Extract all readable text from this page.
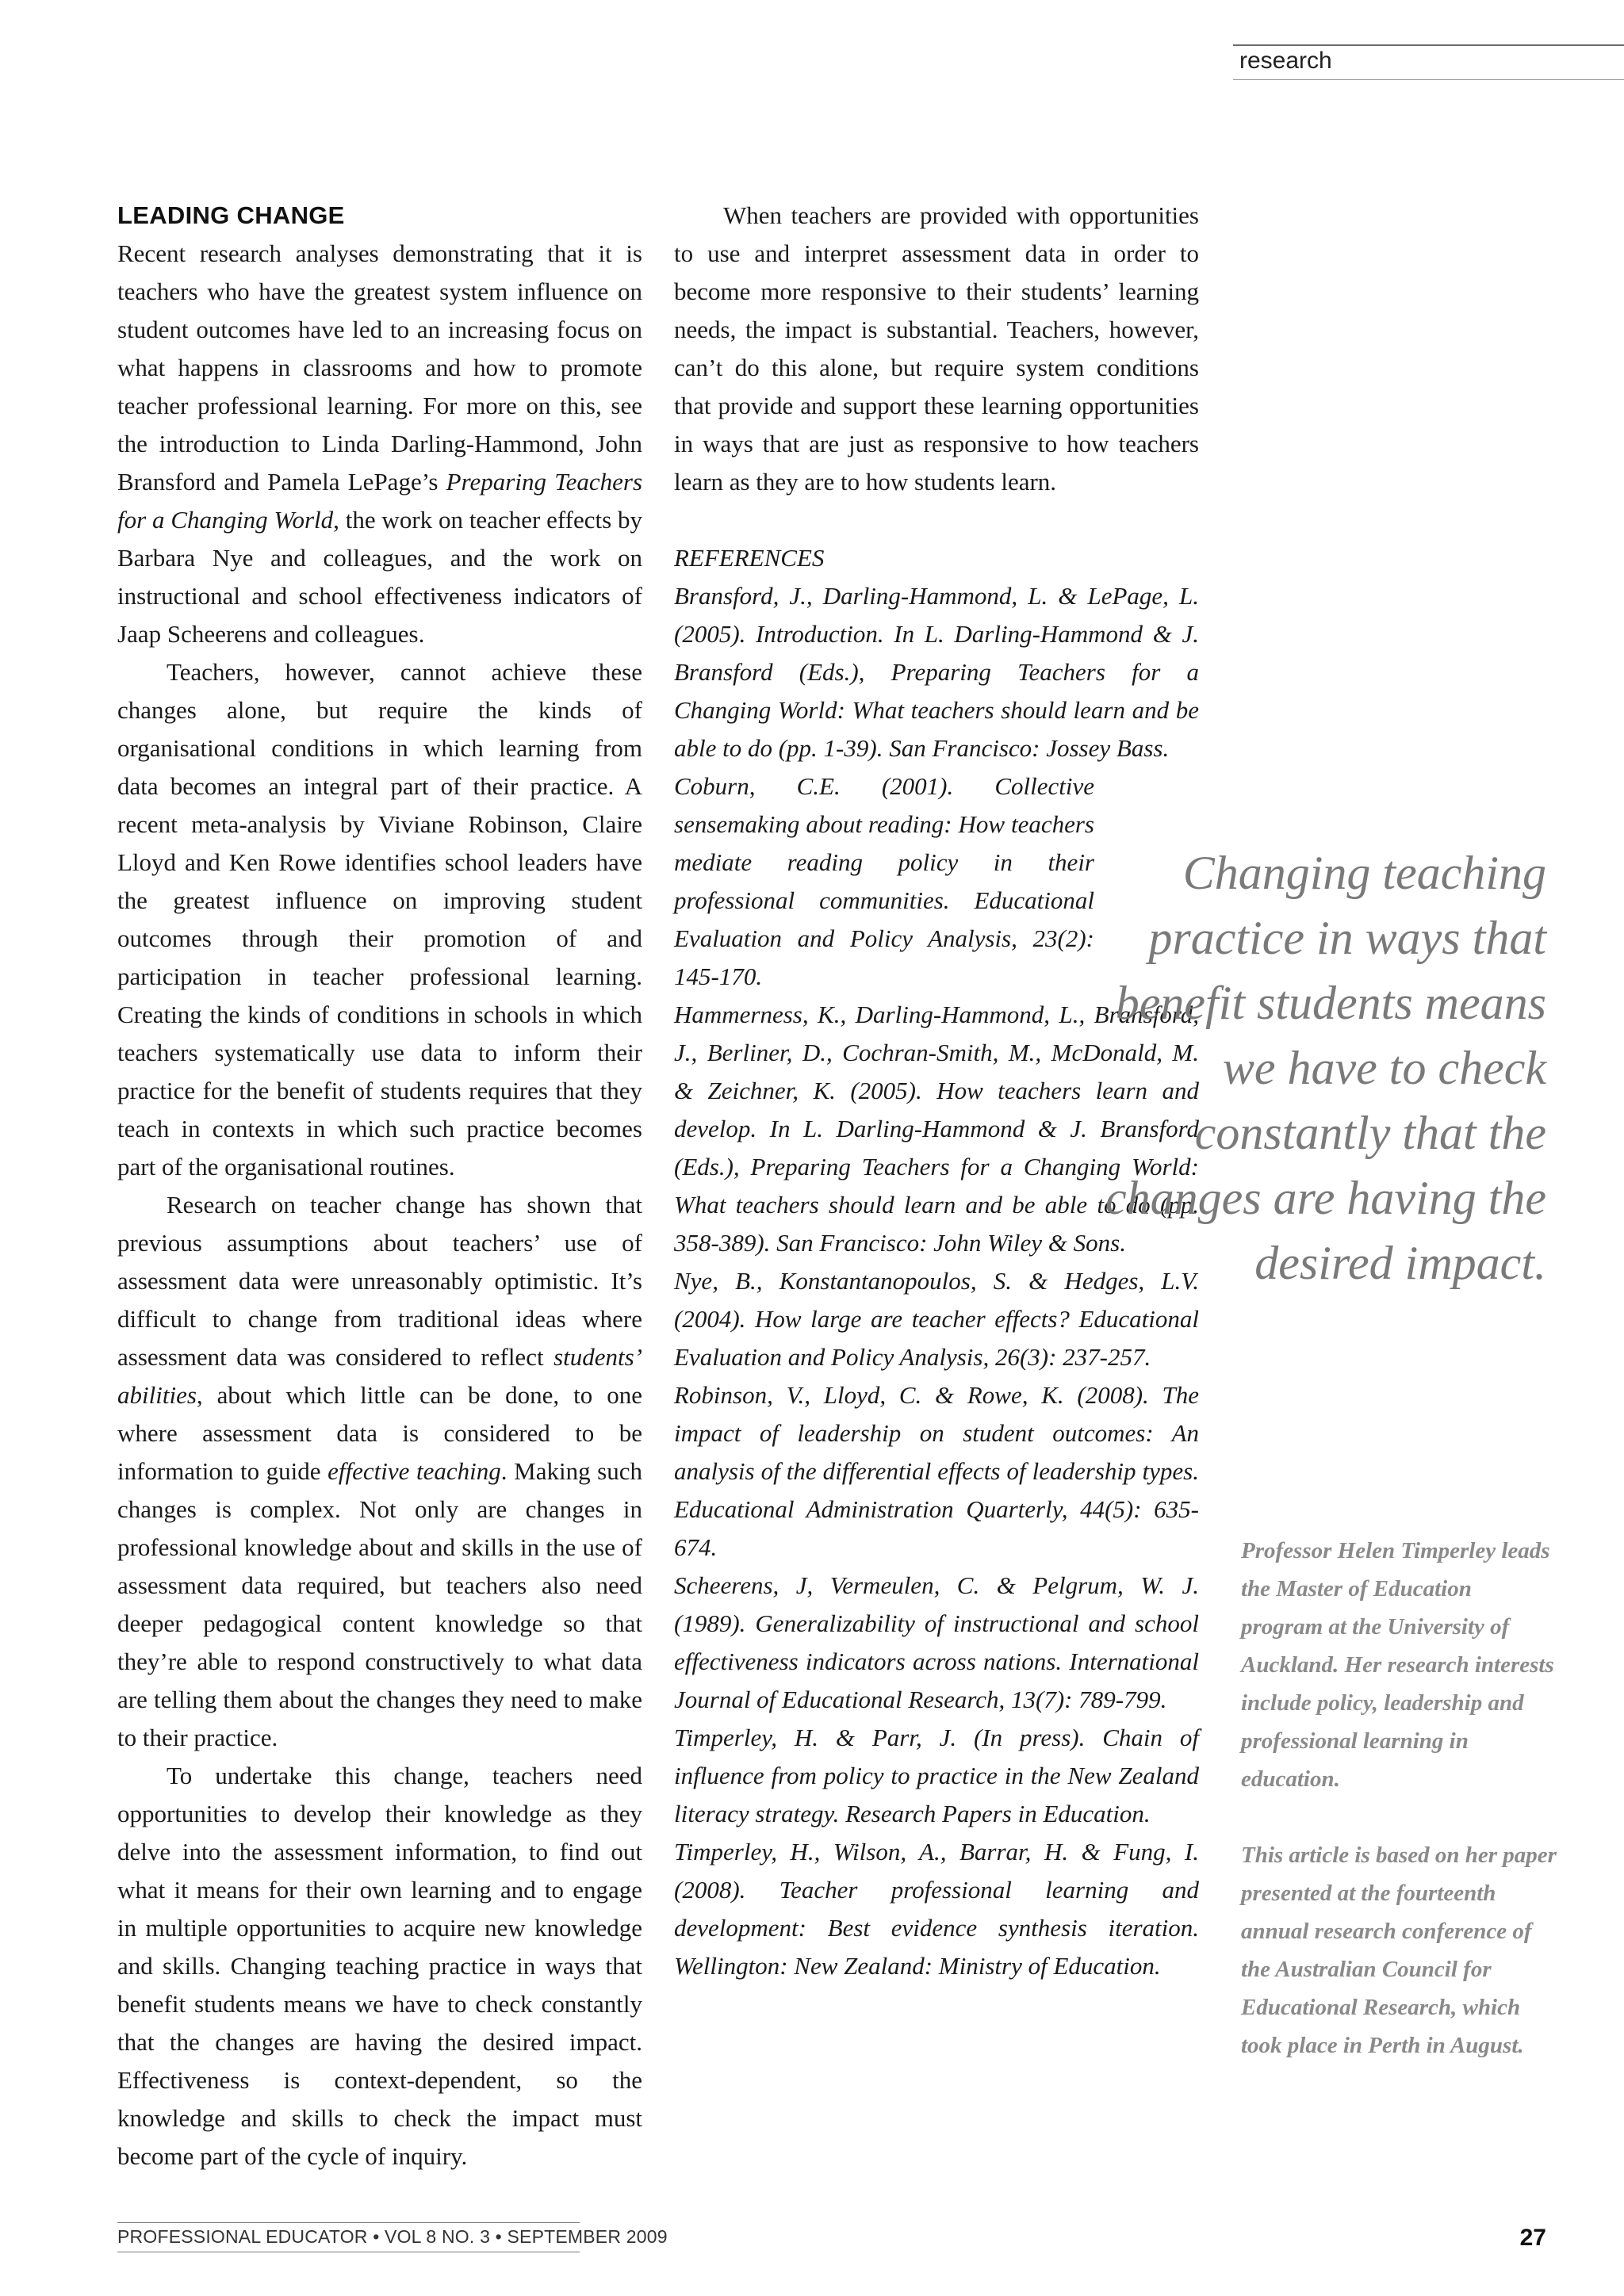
research
LEADING CHANGE

Recent research analyses demonstrating that it is teachers who have the greatest system influence on student outcomes have led to an increasing focus on what happens in classrooms and how to promote teacher professional learning. For more on this, see the introduction to Linda Darling-Hammond, John Bransford and Pamela LePage’s Preparing Teachers for a Changing World, the work on teacher effects by Barbara Nye and colleagues, and the work on instructional and school effectiveness indicators of Jaap Scheerens and colleagues.

Teachers, however, cannot achieve these changes alone, but require the kinds of organisational conditions in which learning from data becomes an integral part of their practice. A recent meta-analysis by Viviane Robinson, Claire Lloyd and Ken Rowe identifies school leaders have the greatest influence on improving student outcomes through their promotion of and participation in teacher professional learning. Creating the kinds of conditions in schools in which teachers systematically use data to inform their practice for the benefit of students requires that they teach in contexts in which such practice becomes part of the organisational routines.

Research on teacher change has shown that previous assumptions about teachers’ use of assessment data were unreasonably optimistic. It’s difficult to change from traditional ideas where assessment data was considered to reflect students’ abilities, about which little can be done, to one where assessment data is considered to be information to guide effective teaching. Making such changes is complex. Not only are changes in professional knowledge about and skills in the use of assessment data required, but teachers also need deeper pedagogical content knowledge so that they’re able to respond constructively to what data are telling them about the changes they need to make to their practice.

To undertake this change, teachers need opportunities to develop their knowledge as they delve into the assessment information, to find out what it means for their own learning and to engage in multiple opportunities to acquire new knowledge and skills. Changing teaching practice in ways that benefit students means we have to check constantly that the changes are having the desired impact. Effectiveness is context-dependent, so the knowledge and skills to check the impact must become part of the cycle of inquiry.

When teachers are provided with opportunities to use and interpret assessment data in order to become more responsive to their students’ learning needs, the impact is substantial. Teachers, however, can’t do this alone, but require system conditions that provide and support these learning opportunities in ways that are just as responsive to how teachers learn as they are to how students learn.

REFERENCES

Bransford, J., Darling-Hammond, L. & LePage, L. (2005). Introduction. In L. Darling-Hammond & J. Bransford (Eds.), Preparing Teachers for a Changing World: What teachers should learn and be able to do (pp. 1-39). San Francisco: Jossey Bass.

Coburn, C.E. (2001). Collective sensemaking about reading: How teachers mediate reading policy in their professional communities. Educational Evaluation and Policy Analysis, 23(2): 145-170.

Hammerness, K., Darling-Hammond, L., Bransford, J., Berliner, D., Cochran-Smith, M., McDonald, M. & Zeichner, K. (2005). How teachers learn and develop. In L. Darling-Hammond & J. Bransford (Eds.), Preparing Teachers for a Changing World: What teachers should learn and be able to do (pp. 358-389). San Francisco: John Wiley & Sons.

Nye, B., Konstantanopoulos, S. & Hedges, L.V. (2004). How large are teacher effects? Educational Evaluation and Policy Analysis, 26(3): 237-257.

Robinson, V., Lloyd, C. & Rowe, K. (2008). The impact of leadership on student outcomes: An analysis of the differential effects of leadership types. Educational Administration Quarterly, 44(5): 635-674.

Scheerens, J, Vermeulen, C. & Pelgrum, W. J. (1989). Generalizability of instructional and school effectiveness indicators across nations. International Journal of Educational Research, 13(7): 789-799.

Timperley, H. & Parr, J. (In press). Chain of influence from policy to practice in the New Zealand literacy strategy. Research Papers in Education.

Timperley, H., Wilson, A., Barrar, H. & Fung, I. (2008). Teacher professional learning and development: Best evidence synthesis iteration. Wellington: New Zealand: Ministry of Education.

Changing teaching practice in ways that benefit students means we have to check constantly that the changes are having the desired impact.

Professor Helen Timperley leads the Master of Education program at the University of Auckland. Her research interests include policy, leadership and professional learning in education.

This article is based on her paper presented at the fourteenth annual research conference of the Australian Council for Educational Research, which took place in Perth in August.

PROFESSIONAL EDUCATOR • VOL 8 NO. 3 • SEPTEMBER 2009	27
